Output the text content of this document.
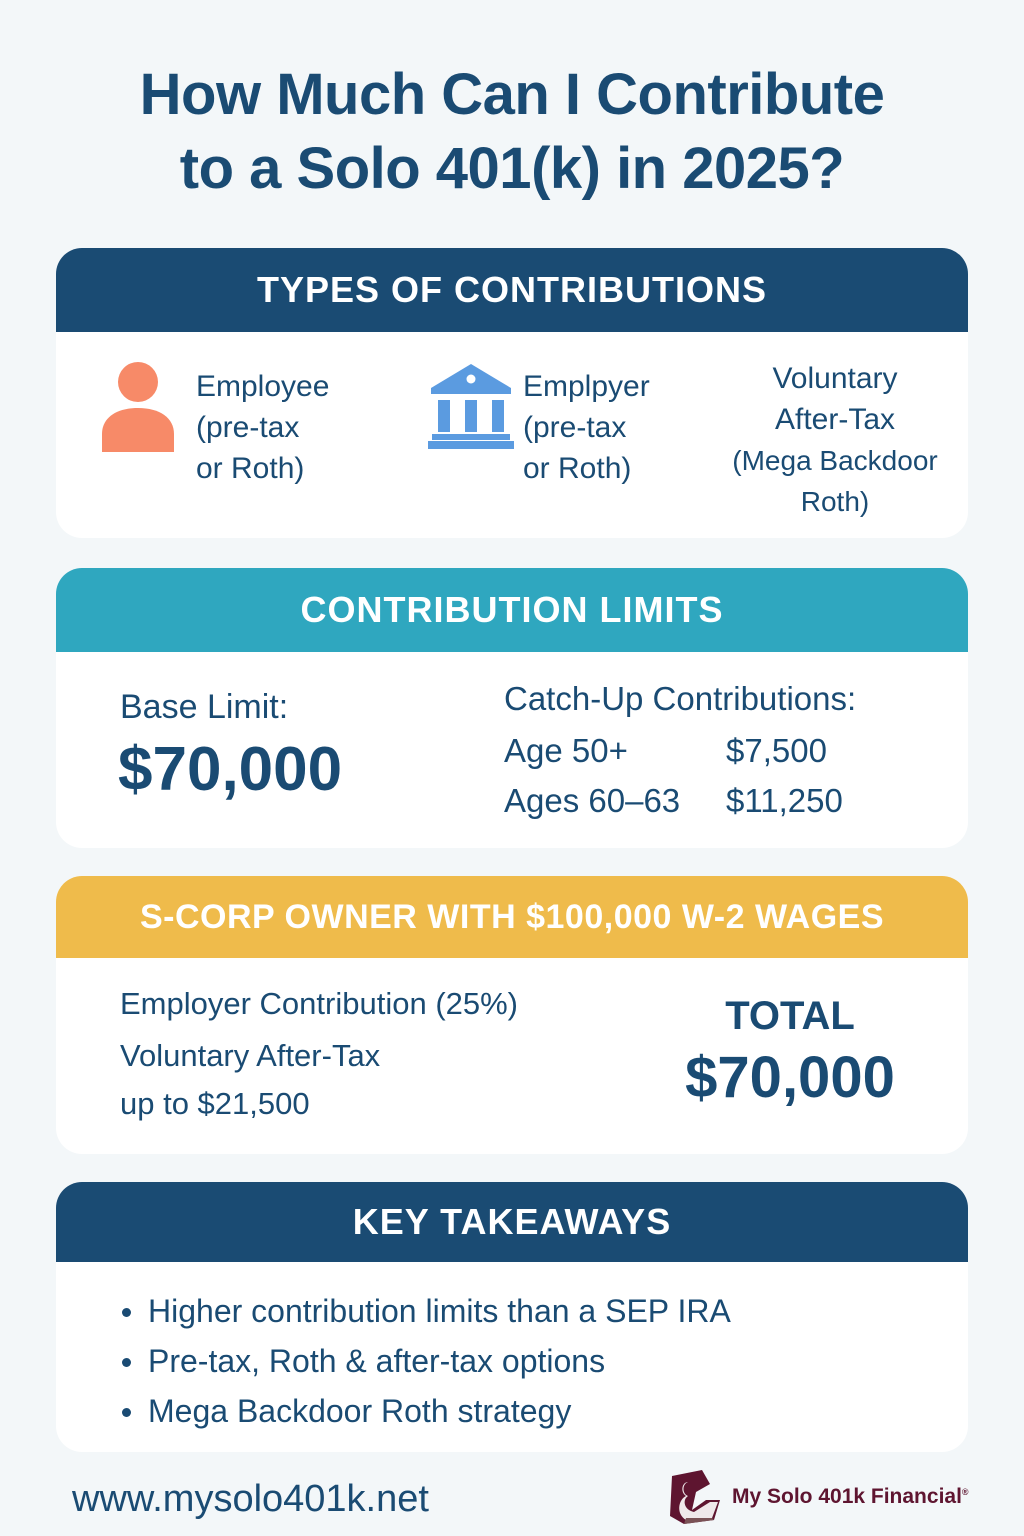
How Much Can I Contribute
to a Solo 401(k) in 2025?
TYPES OF CONTRIBUTIONS
Employee
(pre-tax
or Roth)
Emplpyer
(pre-tax
or Roth)
Voluntary
After-Tax
(Mega Backdoor
Roth)
CONTRIBUTION LIMITS
Base Limit:
$70,000
Catch-Up Contributions:
Age 50+	$7,500
Ages 60–63	$11,250
S-CORP OWNER WITH $100,000 W-2 WAGES
Employer Contribution (25%)
Voluntary After-Tax
up to $21,500
TOTAL
$70,000
KEY TAKEAWAYS
Higher contribution limits than a SEP IRA
Pre-tax, Roth & after-tax options
Mega Backdoor Roth strategy
www.mysolo401k.net	My Solo 401k Financial®
